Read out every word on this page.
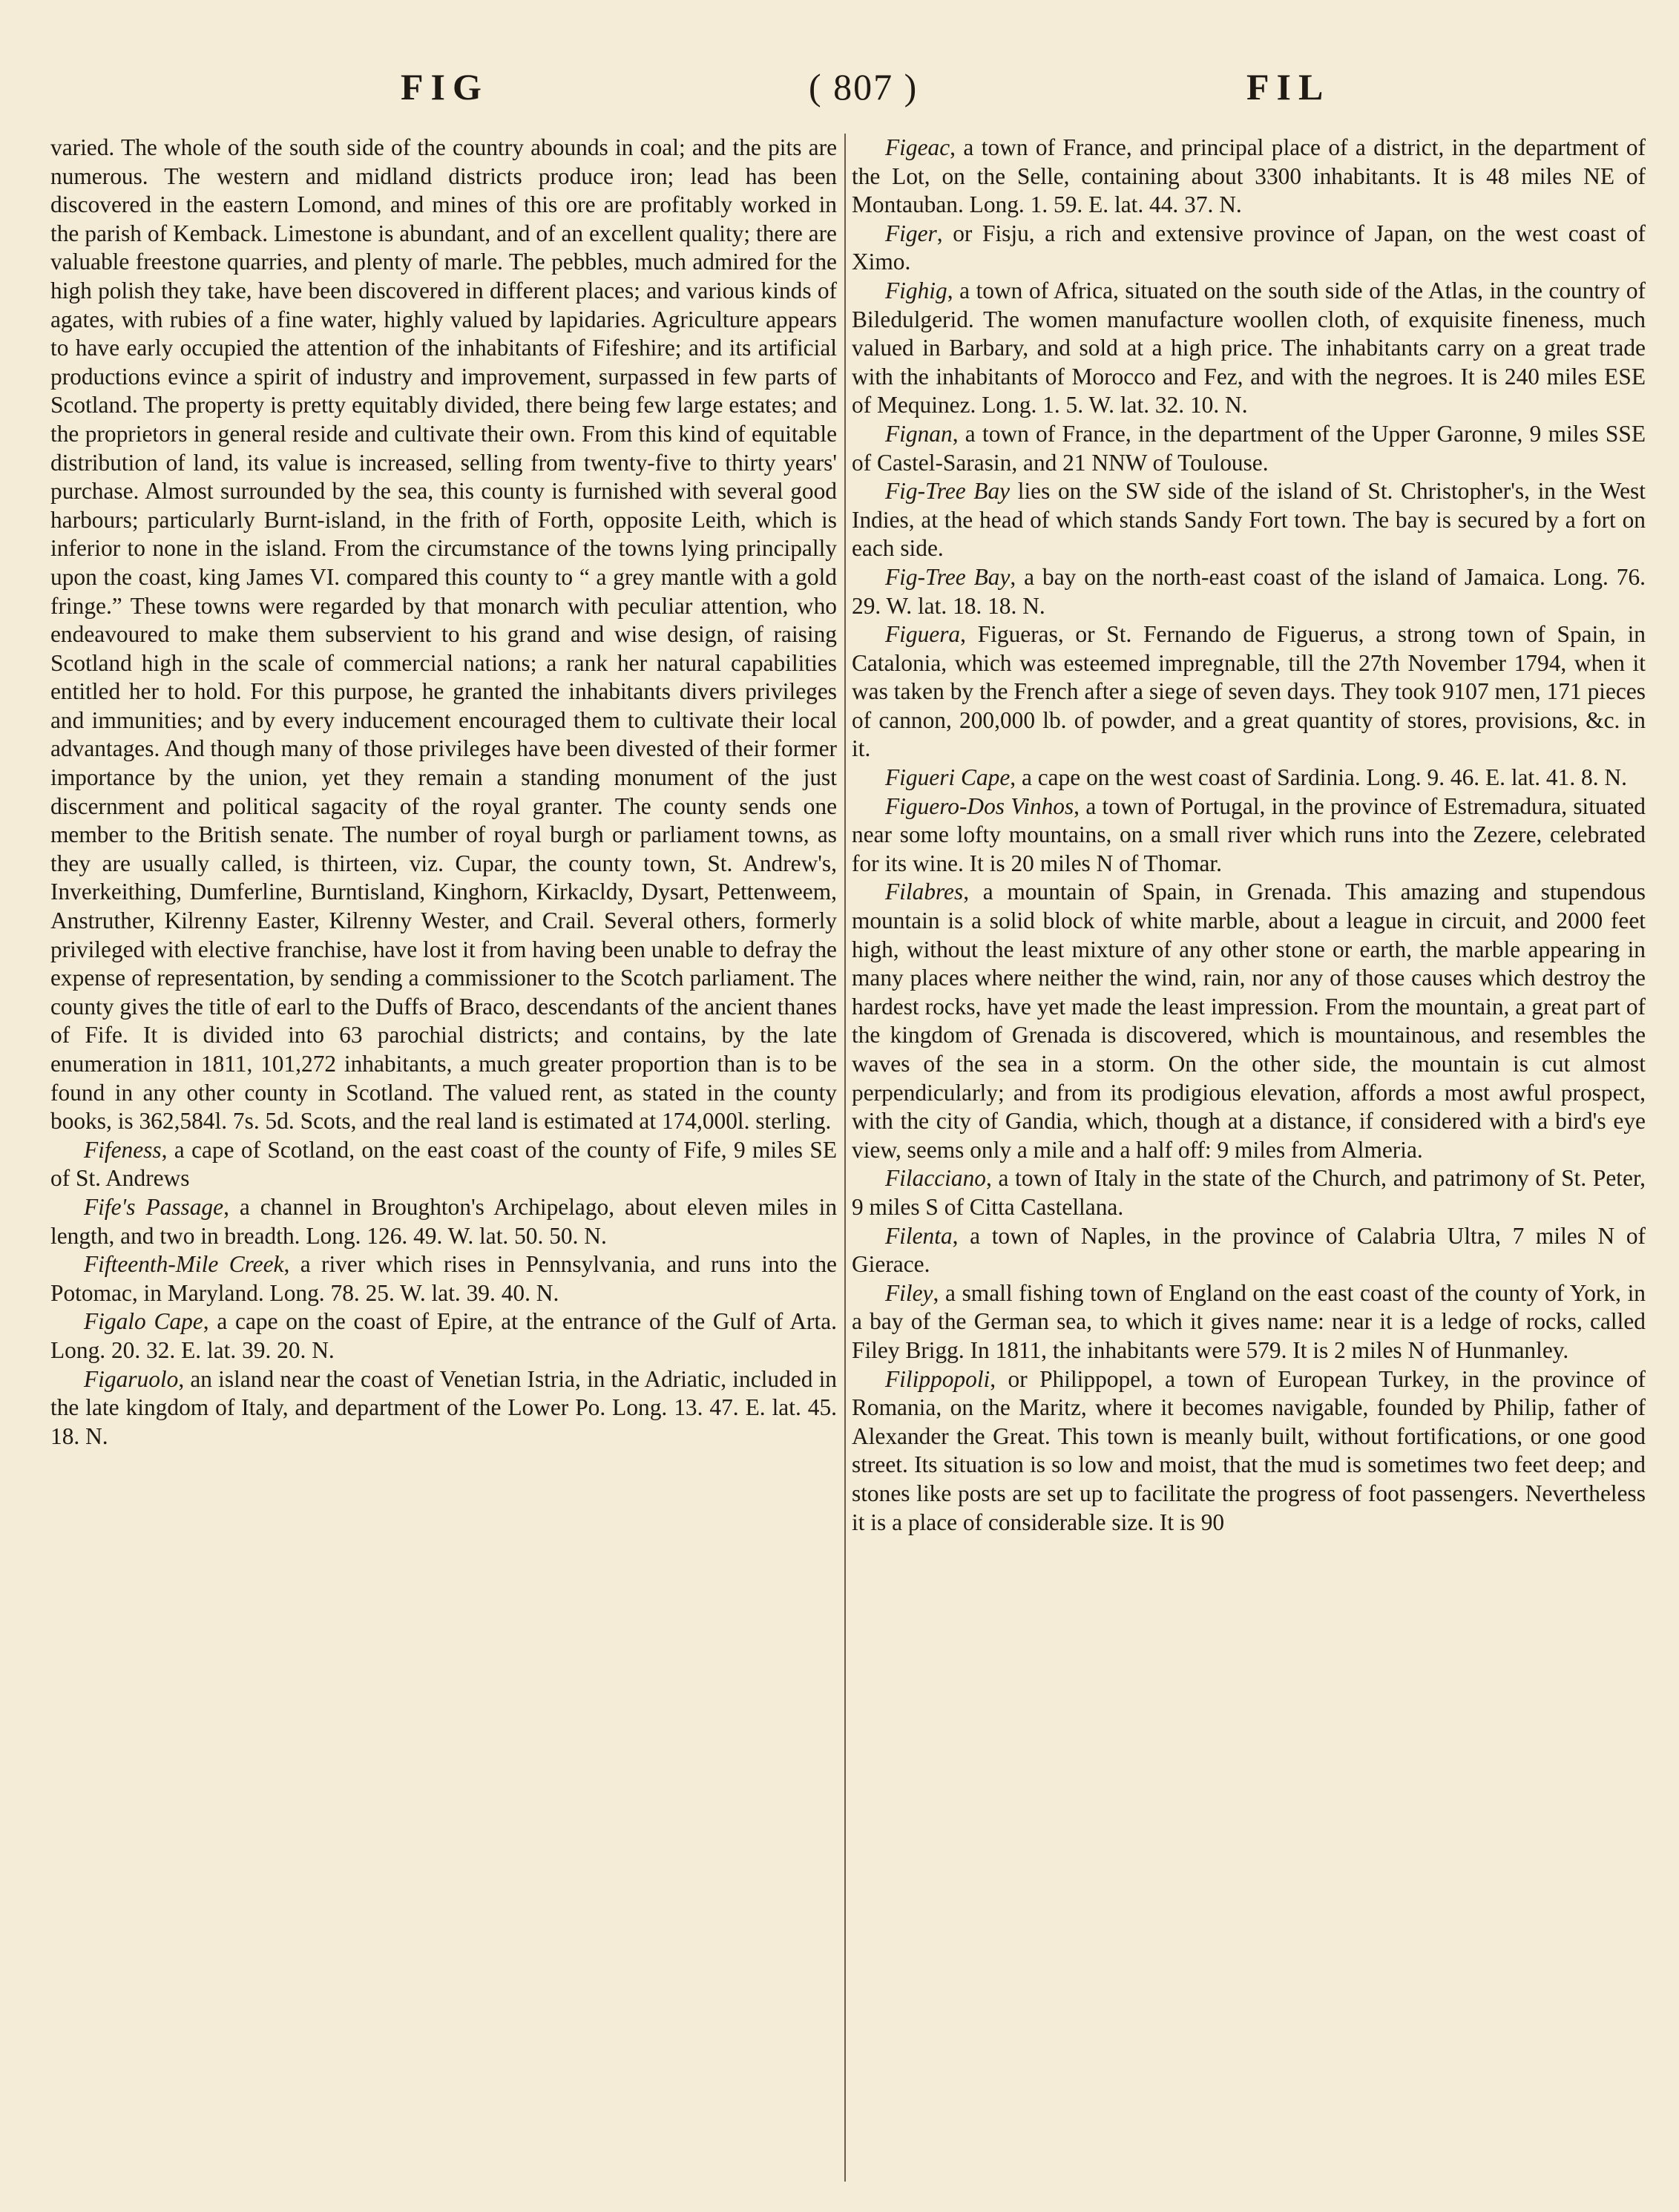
FIG	( 807 )	FIL

varied. The whole of the south side of the country abounds in coal; and the pits are numerous. The western and midland districts produce iron; lead has been discovered in the eastern Lomond, and mines of this ore are profitably worked in the parish of Kemback. Limestone is abundant, and of an excellent quality; there are valuable freestone quarries, and plenty of marle. The pebbles, much admired for the high polish they take, have been discovered in different places; and various kinds of agates, with rubies of a fine water, highly valued by lapidaries. Agriculture appears to have early occupied the attention of the inhabitants of Fifeshire; and its artificial productions evince a spirit of industry and improvement, surpassed in few parts of Scotland. The property is pretty equitably divided, there being few large estates; and the proprietors in general reside and cultivate their own. From this kind of equitable distribution of land, its value is increased, selling from twenty-five to thirty years' purchase. Almost surrounded by the sea, this county is furnished with several good harbours; particularly Burnt-island, in the frith of Forth, opposite Leith, which is inferior to none in the island. From the circumstance of the towns lying principally upon the coast, king James VI. compared this county to “ a grey mantle with a gold fringe.” These towns were regarded by that monarch with peculiar attention, who endeavoured to make them subservient to his grand and wise design, of raising Scotland high in the scale of commercial nations; a rank her natural capabilities entitled her to hold. For this purpose, he granted the inhabitants divers privileges and immunities; and by every inducement encouraged them to cultivate their local advantages. And though many of those privileges have been divested of their former importance by the union, yet they remain a standing monument of the just discernment and political sagacity of the royal granter. The county sends one member to the British senate. The number of royal burgh or parliament towns, as they are usually called, is thirteen, viz. Cupar, the county town, St. Andrew's, Inverkeithing, Dumferline, Burntisland, Kinghorn, Kirkacldy, Dysart, Pettenweem, Anstruther, Kilrenny Easter, Kilrenny Wester, and Crail. Several others, formerly privileged with elective franchise, have lost it from having been unable to defray the expense of representation, by sending a commissioner to the Scotch parliament. The county gives the title of earl to the Duffs of Braco, descendants of the ancient thanes of Fife. It is divided into 63 parochial districts; and contains, by the late enumeration in 1811, 101,272 inhabitants, a much greater proportion than is to be found in any other county in Scotland. The valued rent, as stated in the county books, is 362,584l. 7s. 5d. Scots, and the real land is estimated at 174,000l. sterling.

Fifeness, a cape of Scotland, on the east coast of the county of Fife, 9 miles SE of St. Andrews

Fife's Passage, a channel in Broughton's Archipelago, about eleven miles in length, and two in breadth. Long. 126. 49. W. lat. 50. 50. N.

Fifteenth-Mile Creek, a river which rises in Pennsylvania, and runs into the Potomac, in Maryland. Long. 78. 25. W. lat. 39. 40. N.

Figalo Cape, a cape on the coast of Epire, at the entrance of the Gulf of Arta. Long. 20. 32. E. lat. 39. 20. N.

Figaruolo, an island near the coast of Venetian Istria, in the Adriatic, included in the late kingdom of Italy, and department of the Lower Po. Long. 13. 47. E. lat. 45. 18. N.

Figeac, a town of France, and principal place of a district, in the department of the Lot, on the Selle, containing about 3300 inhabitants. It is 48 miles NE of Montauban. Long. 1. 59. E. lat. 44. 37. N.

Figer, or Fisju, a rich and extensive province of Japan, on the west coast of Ximo.

Fighig, a town of Africa, situated on the south side of the Atlas, in the country of Biledulgerid. The women manufacture woollen cloth, of exquisite fineness, much valued in Barbary, and sold at a high price. The inhabitants carry on a great trade with the inhabitants of Morocco and Fez, and with the negroes. It is 240 miles ESE of Mequinez. Long. 1. 5. W. lat. 32. 10. N.

Fignan, a town of France, in the department of the Upper Garonne, 9 miles SSE of Castel-Sarasin, and 21 NNW of Toulouse.

Fig-Tree Bay lies on the SW side of the island of St. Christopher's, in the West Indies, at the head of which stands Sandy Fort town. The bay is secured by a fort on each side.

Fig-Tree Bay, a bay on the north-east coast of the island of Jamaica. Long. 76. 29. W. lat. 18. 18. N.

Figuera, Figueras, or St. Fernando de Figuerus, a strong town of Spain, in Catalonia, which was esteemed impregnable, till the 27th November 1794, when it was taken by the French after a siege of seven days. They took 9107 men, 171 pieces of cannon, 200,000 lb. of powder, and a great quantity of stores, provisions, &c. in it.

Figueri Cape, a cape on the west coast of Sardinia. Long. 9. 46. E. lat. 41. 8. N.

Figuero-Dos Vinhos, a town of Portugal, in the province of Estremadura, situated near some lofty mountains, on a small river which runs into the Zezere, celebrated for its wine. It is 20 miles N of Thomar.

Filabres, a mountain of Spain, in Grenada. This amazing and stupendous mountain is a solid block of white marble, about a league in circuit, and 2000 feet high, without the least mixture of any other stone or earth, the marble appearing in many places where neither the wind, rain, nor any of those causes which destroy the hardest rocks, have yet made the least impression. From the mountain, a great part of the kingdom of Grenada is discovered, which is mountainous, and resembles the waves of the sea in a storm. On the other side, the mountain is cut almost perpendicularly; and from its prodigious elevation, affords a most awful prospect, with the city of Gandia, which, though at a distance, if considered with a bird's eye view, seems only a mile and a half off: 9 miles from Almeria.

Filacciano, a town of Italy in the state of the Church, and patrimony of St. Peter, 9 miles S of Citta Castellana.

Filenta, a town of Naples, in the province of Calabria Ultra, 7 miles N of Gierace.

Filey, a small fishing town of England on the east coast of the county of York, in a bay of the German sea, to which it gives name: near it is a ledge of rocks, called Filey Brigg. In 1811, the inhabitants were 579. It is 2 miles N of Hunmanley.

Filippopoli, or Philippopel, a town of European Turkey, in the province of Romania, on the Maritz, where it becomes navigable, founded by Philip, father of Alexander the Great. This town is meanly built, without fortifications, or one good street. Its situation is so low and moist, that the mud is sometimes two feet deep; and stones like posts are set up to facilitate the progress of foot passengers. Nevertheless it is a place of considerable size. It is 90
